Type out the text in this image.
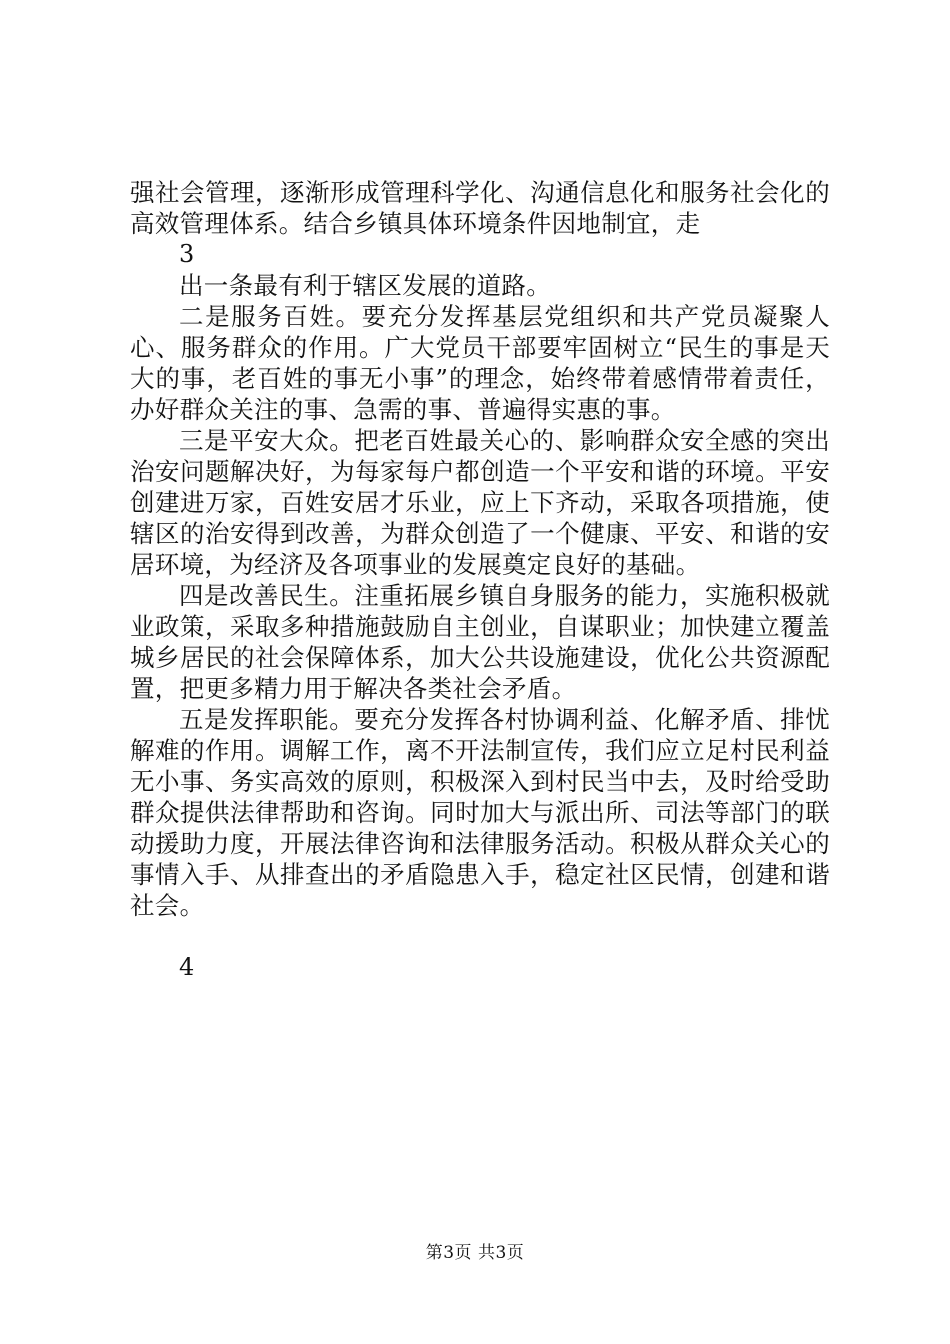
强社会管理，逐渐形成管理科学化、沟通信息化和服务社会化的高效管理体系。结合乡镇具体环境条件因地制宜，走

3

出一条最有利于辖区发展的道路。

二是服务百姓。要充分发挥基层党组织和共产党员凝聚人心、服务群众的作用。广大党员干部要牢固树立“民生的事是天大的事，老百姓的事无小事”的理念，始终带着感情带着责任，办好群众关注的事、急需的事、普遍得实惠的事。

三是平安大众。把老百姓最关心的、影响群众安全感的突出治安问题解决好，为每家每户都创造一个平安和谐的环境。平安创建进万家，百姓安居才乐业，应上下齐动，采取各项措施，使辖区的治安得到改善，为群众创造了一个健康、平安、和谐的安居环境，为经济及各项事业的发展奠定良好的基础。

四是改善民生。注重拓展乡镇自身服务的能力，实施积极就业政策，采取多种措施鼓励自主创业，自谋职业；加快建立覆盖城乡居民的社会保障体系，加大公共设施建设，优化公共资源配置，把更多精力用于解决各类社会矛盾。

五是发挥职能。要充分发挥各村协调利益、化解矛盾、排忧解难的作用。调解工作，离不开法制宣传，我们应立足村民利益无小事、务实高效的原则，积极深入到村民当中去，及时给受助群众提供法律帮助和咨询。同时加大与派出所、司法等部门的联动援助力度，开展法律咨询和法律服务活动。积极从群众关心的事情入手、从排查出的矛盾隐患入手，稳定社区民情，创建和谐社会。

4

第3页 共3页
